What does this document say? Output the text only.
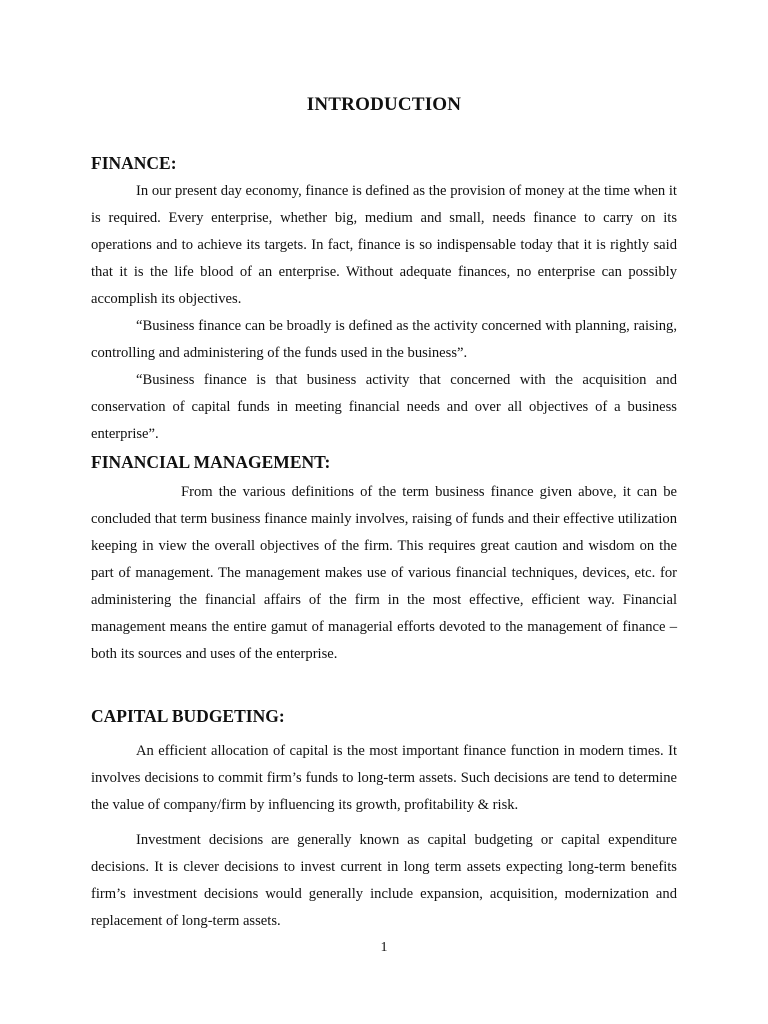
INTRODUCTION
FINANCE:

In our present day economy, finance is defined as the provision of money at the time when it is required. Every enterprise, whether big, medium and small, needs finance to carry on its operations and to achieve its targets. In fact, finance is so indispensable today that it is rightly said that it is the life blood of an enterprise. Without adequate finances, no enterprise can possibly accomplish its objectives.

“Business finance can be broadly is defined as the activity concerned with planning, raising, controlling and administering of the funds used in the business”.

“Business finance is that business activity that concerned with the acquisition and conservation of capital funds in meeting financial needs and over all objectives of a business enterprise”.

FINANCIAL MANAGEMENT:

From the various definitions of the term business finance given above, it can be concluded that term business finance mainly involves, raising of funds and their effective utilization keeping in view the overall objectives of the firm. This requires great caution and wisdom on the part of management. The management makes use of various financial techniques, devices, etc. for administering the financial affairs of the firm in the most effective, efficient way. Financial management means the entire gamut of managerial efforts devoted to the management of finance – both its sources and uses of the enterprise.

CAPITAL BUDGETING:

An efficient allocation of capital is the most important finance function in modern times. It involves decisions to commit firm’s funds to long-term assets. Such decisions are tend to determine the value of company/firm by influencing its growth, profitability & risk.

Investment decisions are generally known as capital budgeting or capital expenditure decisions. It is clever decisions to invest current in long term assets expecting long-term benefits firm’s investment decisions would generally include expansion, acquisition, modernization and replacement of long-term assets.

1
